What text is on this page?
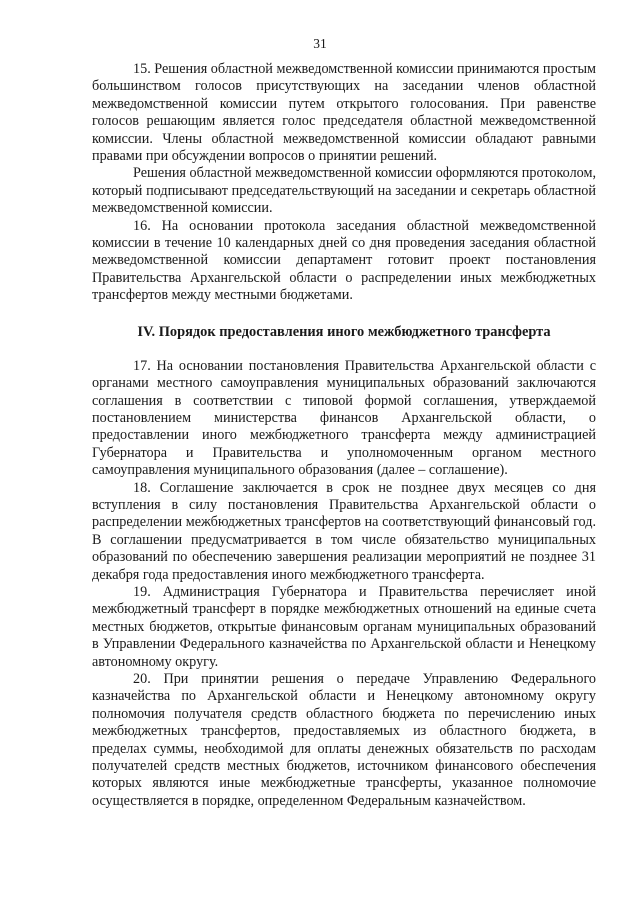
31

15. Решения областной межведомственной комиссии принимаются простым большинством голосов присутствующих на заседании членов областной межведомственной комиссии путем открытого голосования. При равенстве голосов решающим является голос председателя областной межведомственной комиссии. Члены областной межведомственной комиссии обладают равными правами при обсуждении вопросов о принятии решений.

Решения областной межведомственной комиссии оформляются протоколом, который подписывают председательствующий на заседании и секретарь областной межведомственной комиссии.

16. На основании протокола заседания областной межведомственной комиссии в течение 10 календарных дней со дня проведения заседания областной межведомственной комиссии департамент готовит проект постановления Правительства Архангельской области о распределении иных межбюджетных трансфертов между местными бюджетами.

IV. Порядок предоставления иного межбюджетного трансферта

17. На основании постановления Правительства Архангельской области с органами местного самоуправления муниципальных образований заключаются соглашения в соответствии с типовой формой соглашения, утверждаемой постановлением министерства финансов Архангельской области, о предоставлении иного межбюджетного трансферта между администрацией Губернатора и Правительства и уполномоченным органом местного самоуправления муниципального образования (далее – соглашение).

18. Соглашение заключается в срок не позднее двух месяцев со дня вступления в силу постановления Правительства Архангельской области о распределении межбюджетных трансфертов на соответствующий финансовый год. В соглашении предусматривается в том числе обязательство муниципальных образований по обеспечению завершения реализации мероприятий не позднее 31 декабря года предоставления иного межбюджетного трансферта.

19. Администрация Губернатора и Правительства перечисляет иной межбюджетный трансферт в порядке межбюджетных отношений на единые счета местных бюджетов, открытые финансовым органам муниципальных образований в Управлении Федерального казначейства по Архангельской области и Ненецкому автономному округу.

20. При принятии решения о передаче Управлению Федерального казначейства по Архангельской области и Ненецкому автономному округу полномочия получателя средств областного бюджета по перечислению иных межбюджетных трансфертов, предоставляемых из областного бюджета, в пределах суммы, необходимой для оплаты денежных обязательств по расходам получателей средств местных бюджетов, источником финансового обеспечения которых являются иные межбюджетные трансферты, указанное полномочие осуществляется в порядке, определенном Федеральным казначейством.
